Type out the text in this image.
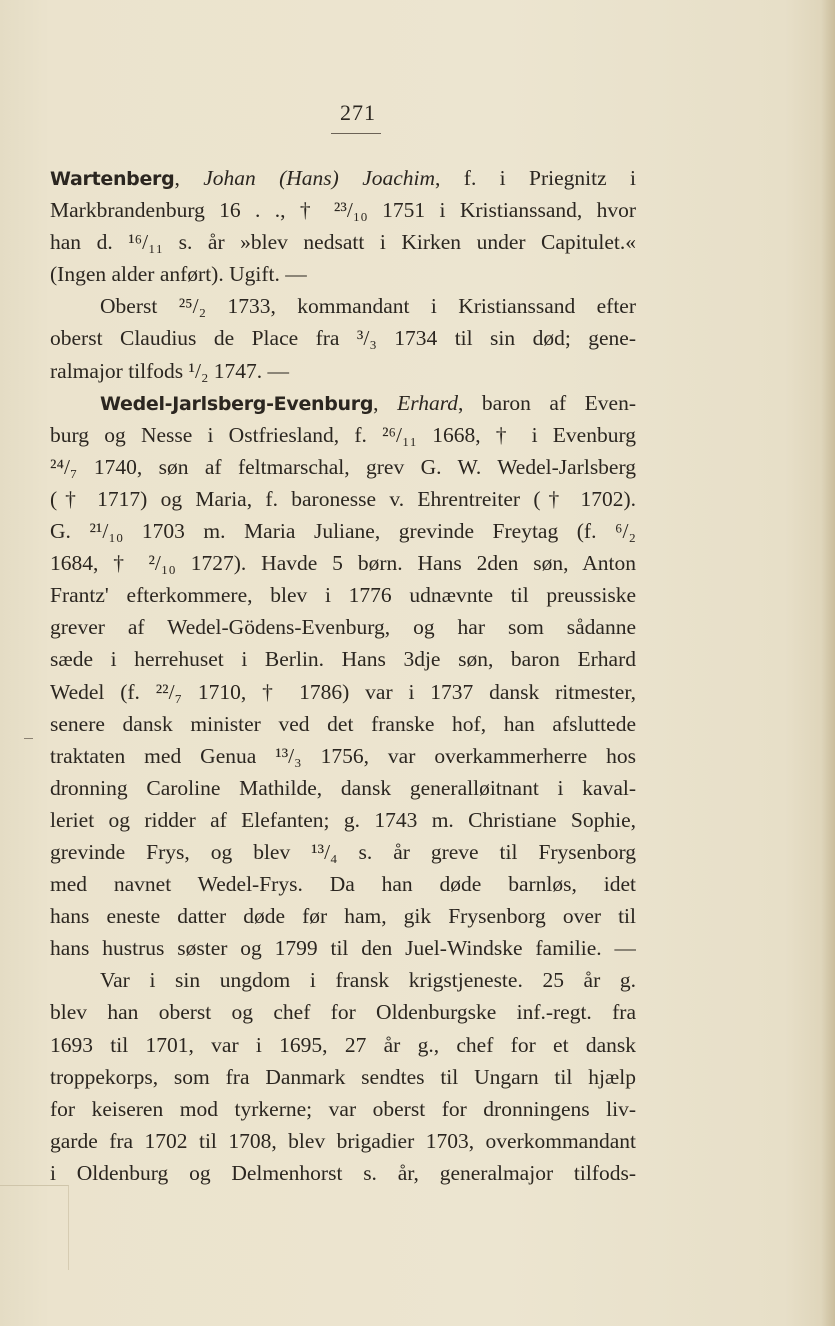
271
Wartenberg, Johan (Hans) Joachim, f. i Priegnitz i
Markbrandenburg 16 . ., † ²³/₁₀ 1751 i Kristianssand, hvor
han d. ¹⁶/₁₁ s. år »blev nedsatt i Kirken under Capitulet.«
(Ingen alder anført). Ugift. —
Oberst ²⁵/₂ 1733, kommandant i Kristianssand efter
oberst Claudius de Place fra ³/₃ 1734 til sin død; gene-
ralmajor tilfods ¹/₂ 1747. —
Wedel-Jarlsberg-Evenburg, Erhard, baron af Even-
burg og Nesse i Ostfriesland, f. ²⁶/₁₁ 1668, † i Evenburg
²⁴/₇ 1740, søn af feltmarschal, grev G. W. Wedel-Jarlsberg
(† 1717) og Maria, f. baronesse v. Ehrentreiter († 1702).
G. ²¹/₁₀ 1703 m. Maria Juliane, grevinde Freytag (f. ⁶/₂
1684, † ²/₁₀ 1727). Havde 5 børn. Hans 2den søn, Anton
Frantz' efterkommere, blev i 1776 udnævnte til preussiske
grever af Wedel-Gödens-Evenburg, og har som sådanne
sæde i herrehuset i Berlin. Hans 3dje søn, baron Erhard
Wedel (f. ²²/₇ 1710, † 1786) var i 1737 dansk ritmester,
senere dansk minister ved det franske hof, han afsluttede
traktaten med Genua ¹³/₃ 1756, var overkammerherre hos
dronning Caroline Mathilde, dansk generalløitnant i kaval-
leriet og ridder af Elefanten; g. 1743 m. Christiane Sophie,
grevinde Frys, og blev ¹³/₄ s. år greve til Frysenborg
med navnet Wedel-Frys. Da han døde barnløs, idet
hans eneste datter døde før ham, gik Frysenborg over til
hans hustrus søster og 1799 til den Juel-Windske familie. —
Var i sin ungdom i fransk krigstjeneste. 25 år g.
blev han oberst og chef for Oldenburgske inf.-regt. fra
1693 til 1701, var i 1695, 27 år g., chef for et dansk
troppekorps, som fra Danmark sendtes til Ungarn til hjælp
for keiseren mod tyrkerne; var oberst for dronningens liv-
garde fra 1702 til 1708, blev brigadier 1703, overkommandant
i Oldenburg og Delmenhorst s. år, generalmajor tilfods-
